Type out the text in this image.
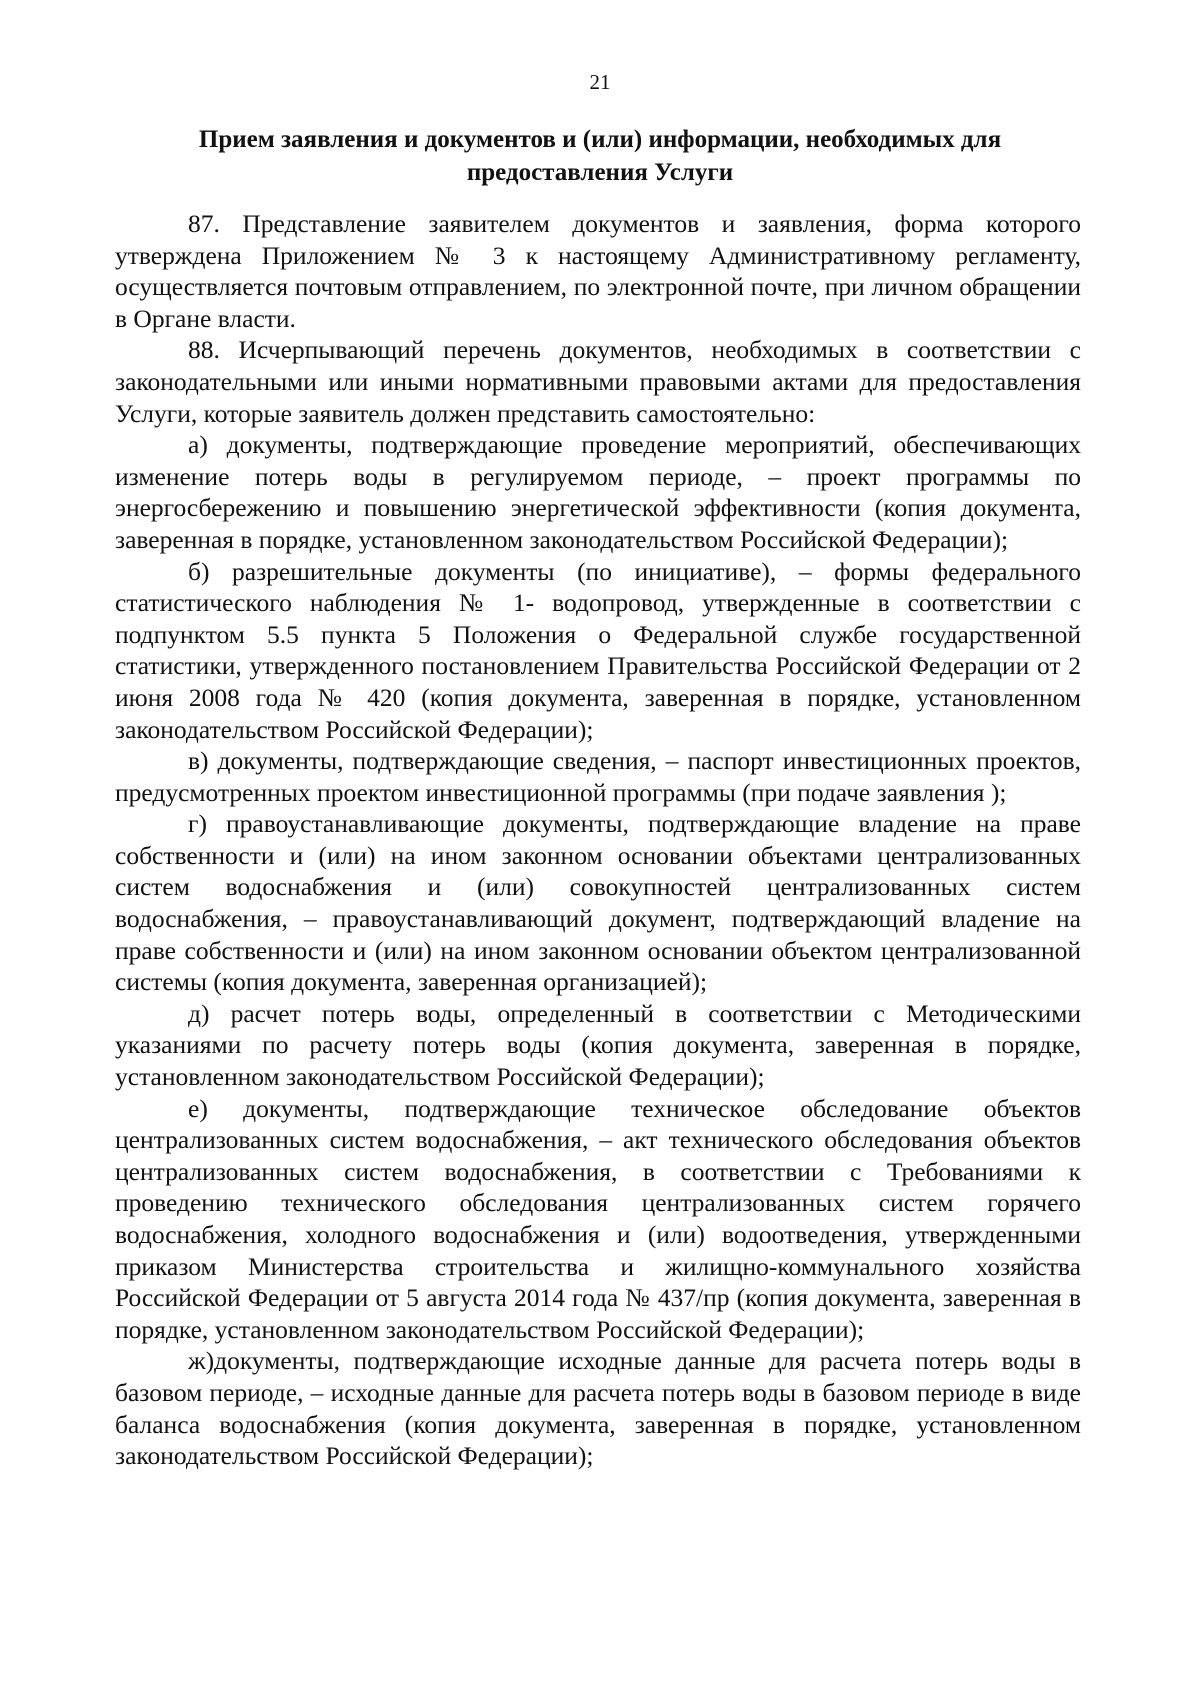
21
Прием заявления и документов и (или) информации, необходимых для
предоставления Услуги

87. Представление заявителем документов и заявления, форма которого утверждена Приложением № 3 к настоящему Административному регламенту, осуществляется почтовым отправлением, по электронной почте, при личном обращении в Органе власти.

88. Исчерпывающий перечень документов, необходимых в соответствии с законодательными или иными нормативными правовыми актами для предоставления Услуги, которые заявитель должен представить самостоятельно:

а) документы, подтверждающие проведение мероприятий, обеспечивающих изменение потерь воды в регулируемом периоде, – проект программы по энергосбережению и повышению энергетической эффективности (копия документа, заверенная в порядке, установленном законодательством Российской Федерации);

б) разрешительные документы (по инициативе), – формы федерального статистического наблюдения № 1- водопровод, утвержденные в соответствии с подпунктом 5.5 пункта 5 Положения о Федеральной службе государственной статистики, утвержденного постановлением Правительства Российской Федерации от 2 июня 2008 года № 420 (копия документа, заверенная в порядке, установленном законодательством Российской Федерации);

в) документы, подтверждающие сведения, – паспорт инвестиционных проектов, предусмотренных проектом инвестиционной программы (при подаче заявления );

г) правоустанавливающие документы, подтверждающие владение на праве собственности и (или) на ином законном основании объектами централизованных систем водоснабжения и (или) совокупностей централизованных систем водоснабжения, – правоустанавливающий документ, подтверждающий владение на праве собственности и (или) на ином законном основании объектом централизованной системы (копия документа, заверенная организацией);

д) расчет потерь воды, определенный в соответствии с Методическими указаниями по расчету потерь воды (копия документа, заверенная в порядке, установленном законодательством Российской Федерации);

е) документы, подтверждающие техническое обследование объектов централизованных систем водоснабжения, – акт технического обследования объектов централизованных систем водоснабжения, в соответствии с Требованиями к проведению технического обследования централизованных систем горячего водоснабжения, холодного водоснабжения и (или) водоотведения, утвержденными приказом Министерства строительства и жилищно-коммунального хозяйства Российской Федерации от 5 августа 2014 года № 437/пр (копия документа, заверенная в порядке, установленном законодательством Российской Федерации);

ж)документы, подтверждающие исходные данные для расчета потерь воды в базовом периоде, – исходные данные для расчета потерь воды в базовом периоде в виде баланса водоснабжения (копия документа, заверенная в порядке, установленном законодательством Российской Федерации);
